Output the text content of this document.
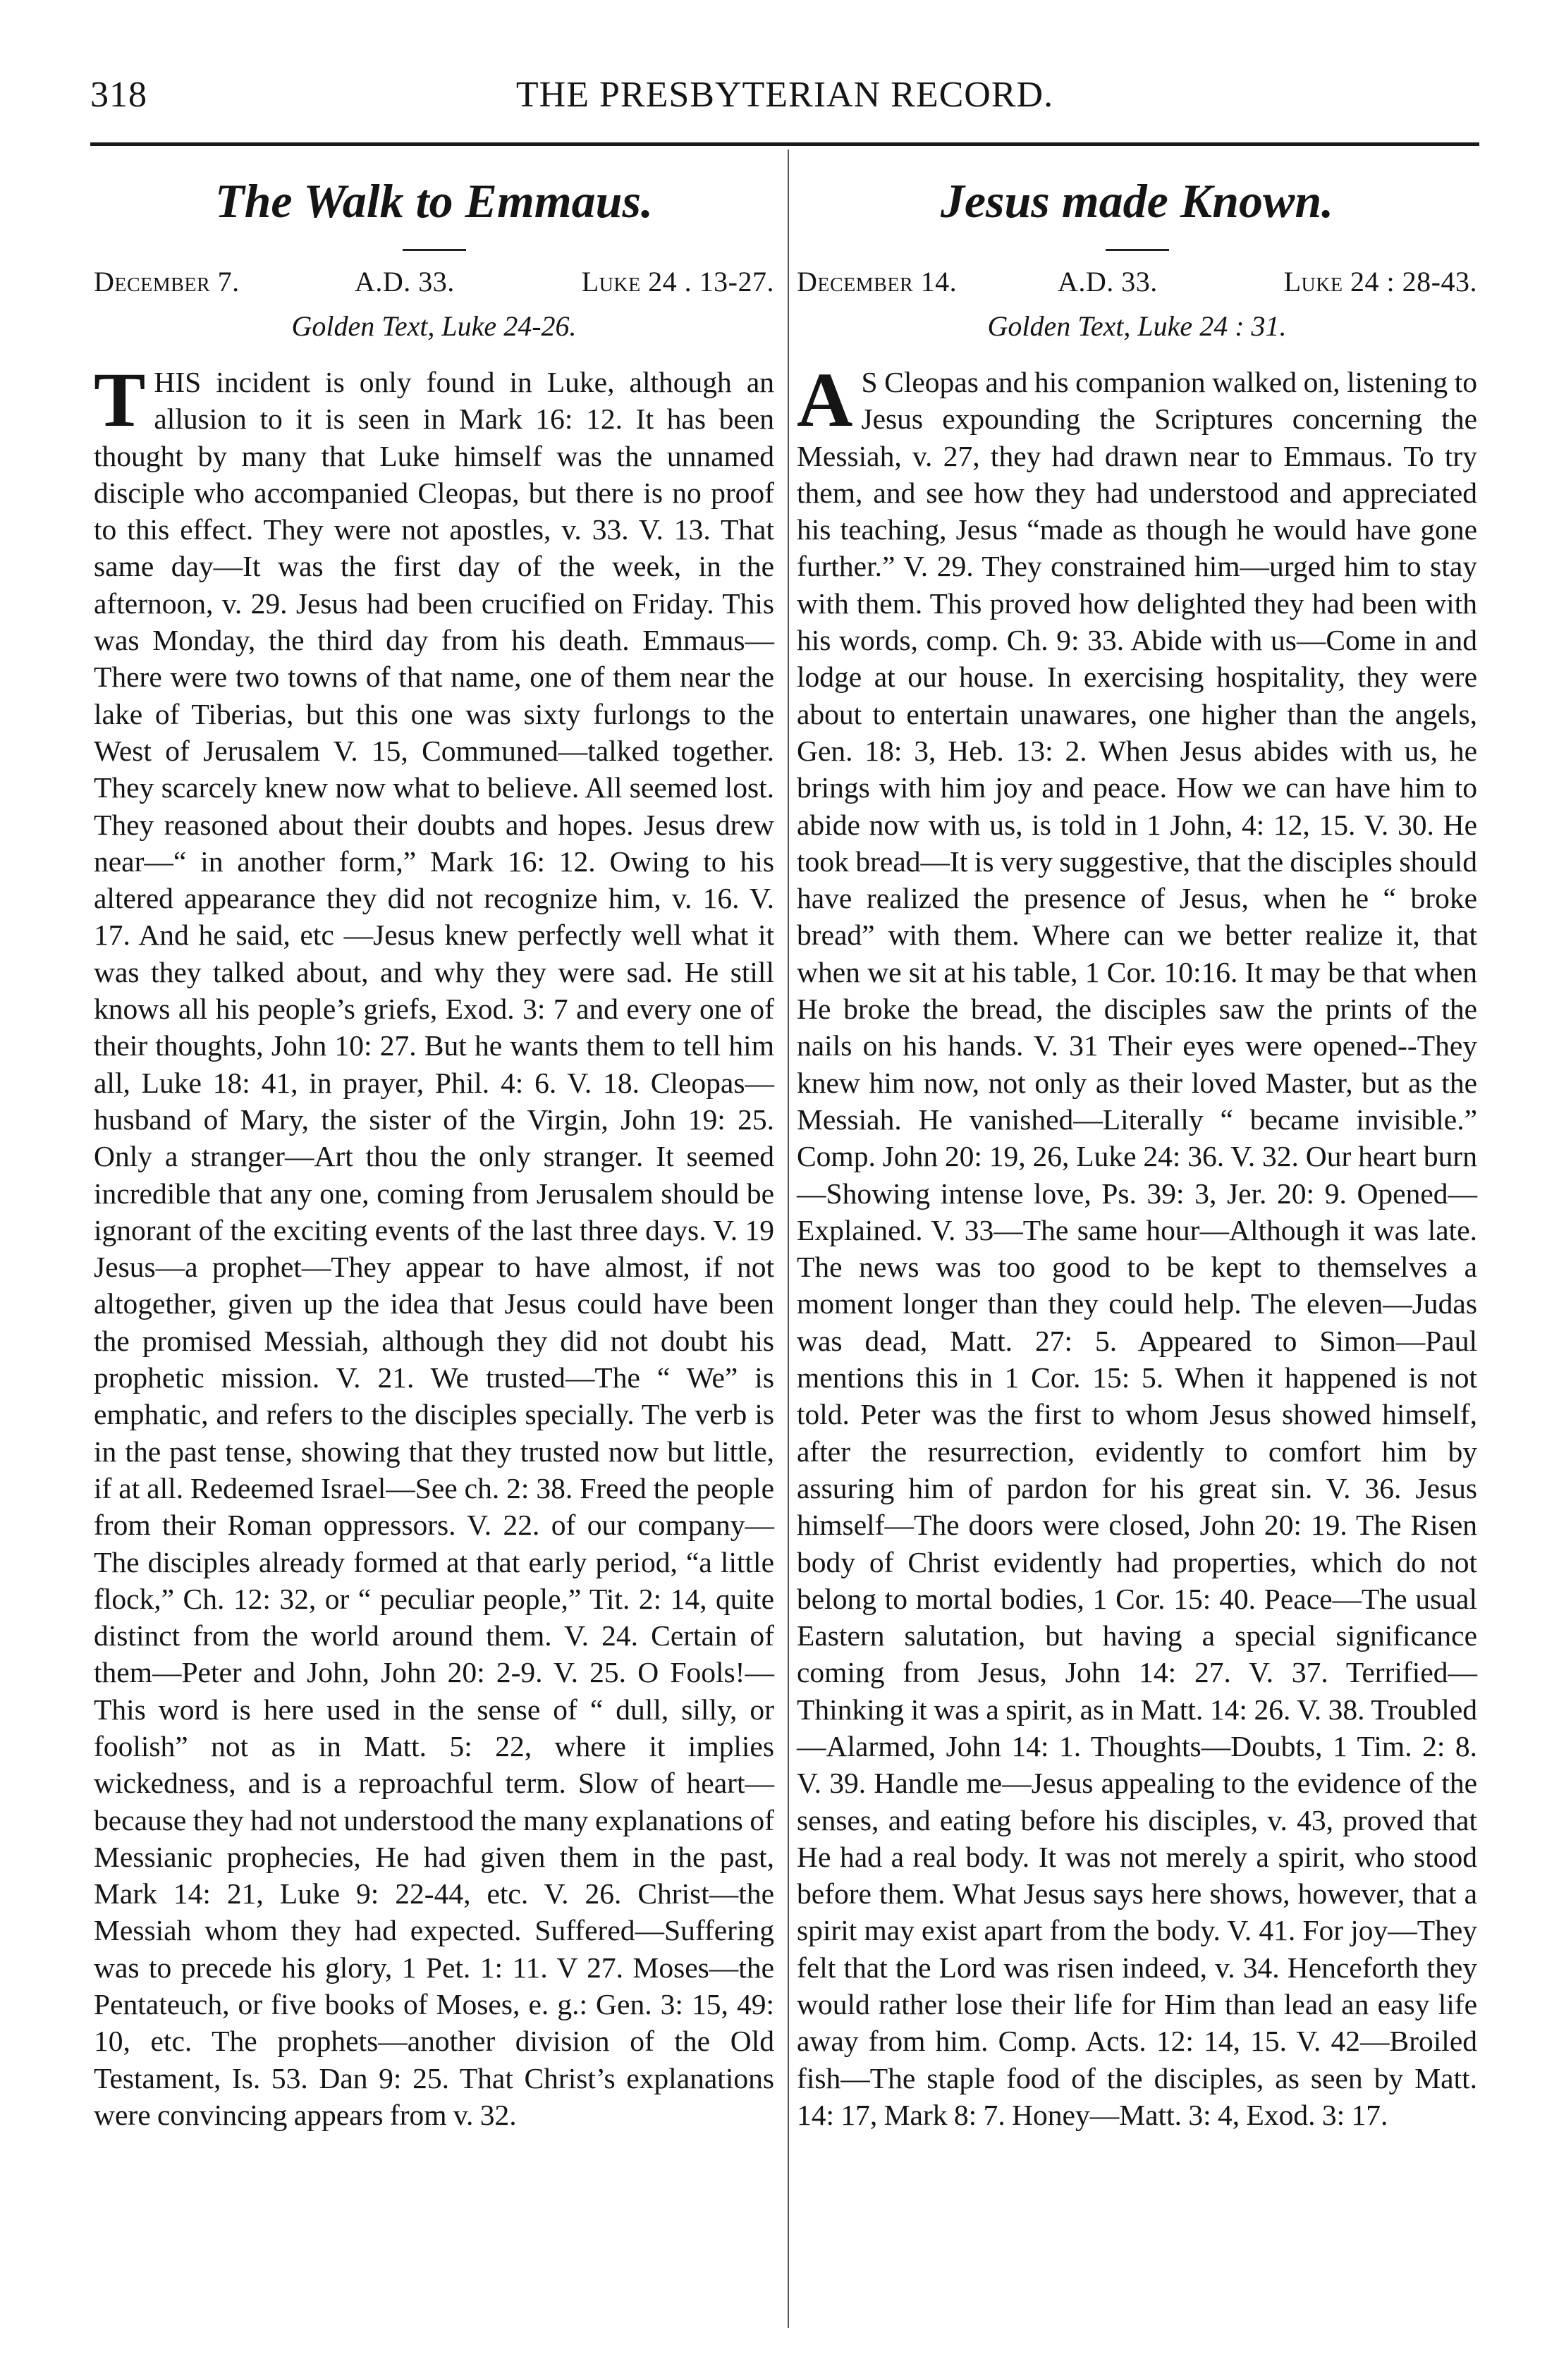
318	THE PRESBYTERIAN RECORD.
The Walk to Emmaus.
December 7.	A.D. 33.	Luke 24 . 13-27.
Golden Text, Luke 24-26.
THIS incident is only found in Luke, although an allusion to it is seen in Mark 16: 12. It has been thought by many that Luke himself was the unnamed disciple who accompanied Cleopas, but there is no proof to this effect. They were not apostles, v. 33. V. 13. That same day—It was the first day of the week, in the afternoon, v. 29. Jesus had been crucified on Friday. This was Monday, the third day from his death. Emmaus—There were two towns of that name, one of them near the lake of Tiberias, but this one was sixty furlongs to the West of Jerusalem V. 15, Communed—talked together. They scarcely knew now what to believe. All seemed lost. They reasoned about their doubts and hopes. Jesus drew near—“ in another form,” Mark 16: 12. Owing to his altered appearance they did not recognize him, v. 16. V. 17. And he said, etc —Jesus knew perfectly well what it was they talked about, and why they were sad. He still knows all his people’s griefs, Exod. 3: 7 and every one of their thoughts, John 10: 27. But he wants them to tell him all, Luke 18: 41, in prayer, Phil. 4: 6. V. 18. Cleopas—husband of Mary, the sister of the Virgin, John 19: 25. Only a stranger—Art thou the only stranger. It seemed incredible that any one, coming from Jerusalem should be ignorant of the exciting events of the last three days. V. 19 Jesus—a prophet—They appear to have almost, if not altogether, given up the idea that Jesus could have been the promised Messiah, although they did not doubt his prophetic mission. V. 21. We trusted—The “ We” is emphatic, and refers to the disciples specially. The verb is in the past tense, showing that they trusted now but little, if at all. Redeemed Israel—See ch. 2: 38. Freed the people from their Roman oppressors. V. 22. of our company—The disciples already formed at that early period, “a little flock,” Ch. 12: 32, or “ peculiar people,” Tit. 2: 14, quite distinct from the world around them. V. 24. Certain of them—Peter and John, John 20: 2-9. V. 25. O Fools!—This word is here used in the sense of “ dull, silly, or foolish” not as in Matt. 5: 22, where it implies wickedness, and is a reproachful term. Slow of heart—because they had not understood the many explanations of Messianic prophecies, He had given them in the past, Mark 14: 21, Luke 9: 22-44, etc. V. 26. Christ—the Messiah whom they had expected. Suffered—Suffering was to precede his glory, 1 Pet. 1: 11. V 27. Moses—the Pentateuch, or five books of Moses, e. g.: Gen. 3: 15, 49: 10, etc. The prophets—another division of the Old Testament, Is. 53. Dan 9: 25. That Christ’s explanations were convincing appears from v. 32.
Jesus made Known.
December 14.	A.D. 33.	Luke 24 : 28-43.
Golden Text, Luke 24 : 31.
A S Cleopas and his companion walked on, listening to Jesus expounding the Scriptures concerning the Messiah, v. 27, they had drawn near to Emmaus. To try them, and see how they had understood and appreciated his teaching, Jesus “made as though he would have gone further.” V. 29. They constrained him—urged him to stay with them. This proved how delighted they had been with his words, comp. Ch. 9: 33. Abide with us—Come in and lodge at our house. In exercising hospitality, they were about to entertain unawares, one higher than the angels, Gen. 18: 3, Heb. 13: 2. When Jesus abides with us, he brings with him joy and peace. How we can have him to abide now with us, is told in 1 John, 4: 12, 15. V. 30. He took bread—It is very suggestive, that the disciples should have realized the presence of Jesus, when he “ broke bread” with them. Where can we better realize it, that when we sit at his table, 1 Cor. 10:16. It may be that when He broke the bread, the disciples saw the prints of the nails on his hands. V. 31 Their eyes were opened--They knew him now, not only as their loved Master, but as the Messiah. He vanished—Literally “ became invisible.” Comp. John 20: 19, 26, Luke 24: 36. V. 32. Our heart burn—Showing intense love, Ps. 39: 3, Jer. 20: 9. Opened—Explained. V. 33—The same hour—Although it was late. The news was too good to be kept to themselves a moment longer than they could help. The eleven—Judas was dead, Matt. 27: 5. Appeared to Simon—Paul mentions this in 1 Cor. 15: 5. When it happened is not told. Peter was the first to whom Jesus showed himself, after the resurrection, evidently to comfort him by assuring him of pardon for his great sin. V. 36. Jesus himself—The doors were closed, John 20: 19. The Risen body of Christ evidently had properties, which do not belong to mortal bodies, 1 Cor. 15: 40. Peace—The usual Eastern salutation, but having a special significance coming from Jesus, John 14: 27. V. 37. Terrified—Thinking it was a spirit, as in Matt. 14: 26. V. 38. Troubled—Alarmed, John 14: 1. Thoughts—Doubts, 1 Tim. 2: 8. V. 39. Handle me—Jesus appealing to the evidence of the senses, and eating before his disciples, v. 43, proved that He had a real body. It was not merely a spirit, who stood before them. What Jesus says here shows, however, that a spirit may exist apart from the body. V. 41. For joy—They felt that the Lord was risen indeed, v. 34. Henceforth they would rather lose their life for Him than lead an easy life away from him. Comp. Acts. 12: 14, 15. V. 42—Broiled fish—The staple food of the disciples, as seen by Matt. 14: 17, Mark 8: 7. Honey—Matt. 3: 4, Exod. 3: 17.
